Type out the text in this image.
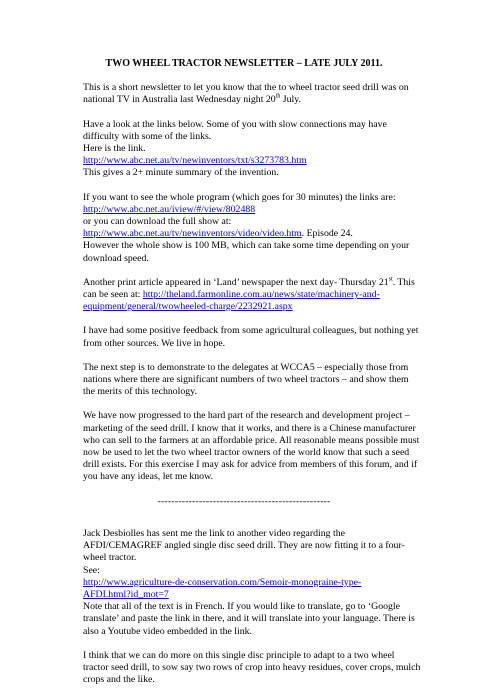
TWO WHEEL TRACTOR NEWSLETTER – LATE JULY 2011.

This is a short newsletter to let you know that the to wheel tractor seed drill was on
national TV in Australia last Wednesday night 20th July.

Have a look at the links below. Some of you with slow connections may have
difficulty with some of the links.
Here is the link.
http://www.abc.net.au/tv/newinventors/txt/s3273783.htm
This gives a 2+ minute summary of the invention.

If you want to see the whole program (which goes for 30 minutes) the links are:
http://www.abc.net.au/iview/#/view/802488
or you can download the full show at:
http://www.abc.net.au/tv/newinventors/video/video.htm. Episode 24.
However the whole show is 100 MB, which can take some time depending on your
download speed.

Another print article appeared in ‘Land’ newspaper the next day- Thursday 21st. This
can be seen at: http://theland.farmonline.com.au/news/state/machinery-and-
equipment/general/twowheeled-charge/2232921.aspx

I have had some positive feedback from some agricultural colleagues, but nothing yet
from other sources. We live in hope.

The next step is to demonstrate to the delegates at WCCA5 – especially those from
nations where there are significant numbers of two wheel tractors – and show them
the merits of this technology.

We have now progressed to the hard part of the research and development project –
marketing of the seed drill. I know that it works, and there is a Chinese manufacturer
who can sell to the farmers at an affordable price. All reasonable means possible must
now be used to let the two wheel tractor owners of the world know that such a seed
drill exists. For this exercise I may ask for advice from members of this forum, and if
you have any ideas, let me know.

--------------------------------------------------

Jack Desbiolles has sent me the link to another video regarding the
AFDI/CEMAGREF angled single disc seed drill. They are now fitting it to a four-
wheel tractor.
See:
http://www.agriculture-de-conservation.com/Semoir-monograine-type-
AFDI.html?id_mot=7
Note that all of the text is in French. If you would like to translate, go to ‘Google
translate’ and paste the link in there, and it will translate into your language. There is
also a Youtube video embedded in the link.

I think that we can do more on this single disc principle to adapt to a two wheel
tractor seed drill, to sow say two rows of crop into heavy residues, cover crops, mulch
crops and the like.
